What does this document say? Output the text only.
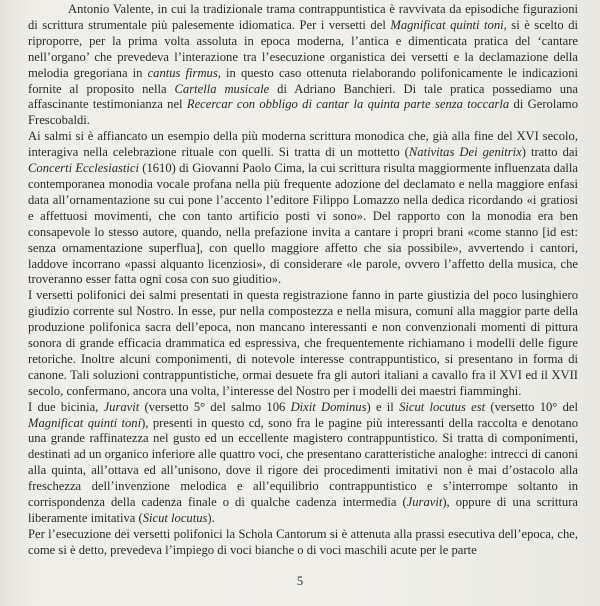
Antonio Valente, in cui la tradizionale trama contrappuntistica è ravvivata da episodiche figurazioni di scrittura strumentale più palesemente idiomatica. Per i versetti del Magnificat quinti toni, si è scelto di riproporre, per la prima volta assoluta in epoca moderna, l’antica e dimenticata pratica del ‘cantare nell’organo’ che prevedeva l’interazione tra l’esecuzione organistica dei versetti e la declamazione della melodia gregoriana in cantus firmus, in questo caso ottenuta rielaborando polifonicamente le indicazioni fornite al proposito nella Cartella musicale di Adriano Banchieri. Di tale pratica possediamo una affascinante testimonianza nel Recercar con obbligo di cantar la quinta parte senza toccarla di Gerolamo Frescobaldi.

Ai salmi si è affiancato un esempio della più moderna scrittura monodica che, già alla fine del XVI secolo, interagiva nella celebrazione rituale con quelli. Si tratta di un mottetto (Nativitas Dei genitrix) tratto dai Concerti Ecclesiastici (1610) di Giovanni Paolo Cima, la cui scrittura risulta maggiormente influenzata dalla contemporanea monodia vocale profana nella più frequente adozione del declamato e nella maggiore enfasi data all’ornamentazione su cui pone l’accento l’editore Filippo Lomazzo nella dedica ricordando «i gratiosi e affettuosi movimenti, che con tanto artificio posti vi sono». Del rapporto con la monodia era ben consapevole lo stesso autore, quando, nella prefazione invita a cantare i propri brani «come stanno [id est: senza ornamentazione superflua], con quello maggiore affetto che sia possibile», avvertendo i cantori, laddove incorrano «passi alquanto licenziosi», di considerare «le parole, ovvero l’affetto della musica, che troveranno esser fatta ogni cosa con suo giuditio».

I versetti polifonici dei salmi presentati in questa registrazione fanno in parte giustizia del poco lusinghiero giudizio corrente sul Nostro. In esse, pur nella compostezza e nella misura, comuni alla maggior parte della produzione polifonica sacra dell’epoca, non mancano interessanti e non convenzionali momenti di pittura sonora di grande efficacia drammatica ed espressiva, che frequentemente richiamano i modelli delle figure retoriche. Inoltre alcuni componimenti, di notevole interesse contrappuntistico, si presentano in forma di canone. Tali soluzioni contrappuntistiche, ormai desuete fra gli autori italiani a cavallo fra il XVI ed il XVII secolo, confermano, ancora una volta, l’interesse del Nostro per i modelli dei maestri fiamminghi.

I due bicinia, Juravit (versetto 5° del salmo 106 Dixit Dominus) e il Sicut locutus est (versetto 10° del Magnificat quinti toni), presenti in questo cd, sono fra le pagine più interessanti della raccolta e denotano una grande raffinatezza nel gusto ed un eccellente magistero contrappuntistico. Si tratta di componimenti, destinati ad un organico inferiore alle quattro voci, che presentano caratteristiche analoghe: intrecci di canoni alla quinta, all’ottava ed all’unisono, dove il rigore dei procedimenti imitativi non è mai d’ostacolo alla freschezza dell’invenzione melodica e all’equilibrio contrappuntistico e s’interrompe soltanto in corrispondenza della cadenza finale o di qualche cadenza intermedia (Juravit), oppure di una scrittura liberamente imitativa (Sicut locutus).

Per l’esecuzione dei versetti polifonici la Schola Cantorum si è attenuta alla prassi esecutiva dell’epoca, che, come si è detto, prevedeva l’impiego di voci bianche o di voci maschili acute per le parte

5
